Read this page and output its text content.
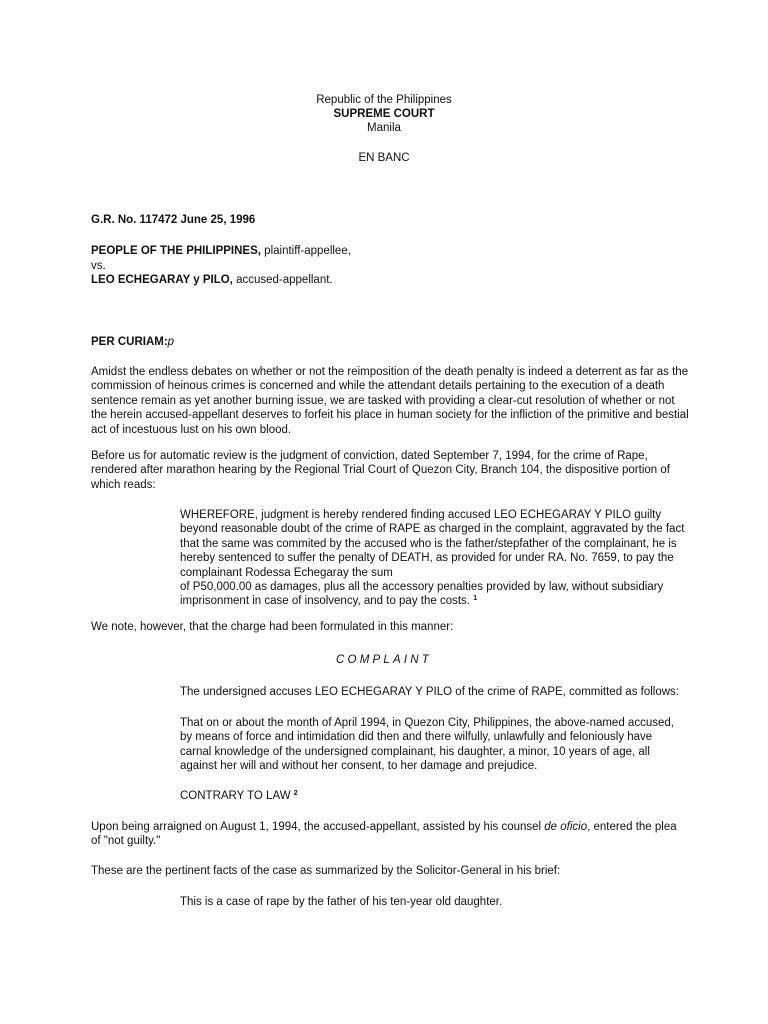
Republic of the Philippines
SUPREME COURT
Manila
EN BANC
G.R. No. 117472 June 25, 1996
PEOPLE OF THE PHILIPPINES, plaintiff-appellee,
vs.
LEO ECHEGARAY y PILO, accused-appellant.
PER CURIAM:p
Amidst the endless debates on whether or not the reimposition of the death penalty is indeed a deterrent as far as the
commission of heinous crimes is concerned and while the attendant details pertaining to the execution of a death
sentence remain as yet another burning issue, we are tasked with providing a clear-cut resolution of whether or not
the herein accused-appellant deserves to forfeit his place in human society for the infliction of the primitive and bestial
act of incestuous lust on his own blood.
Before us for automatic review is the judgment of conviction, dated September 7, 1994, for the crime of Rape,
rendered after marathon hearing by the Regional Trial Court of Quezon City, Branch 104, the dispositive portion of
which reads:
WHEREFORE, judgment is hereby rendered finding accused LEO ECHEGARAY Y PILO guilty
beyond reasonable doubt of the crime of RAPE as charged in the complaint, aggravated by the fact
that the same was commited by the accused who is the father/stepfather of the complainant, he is
hereby sentenced to suffer the penalty of DEATH, as provided for under RA. No. 7659, to pay the
complainant Rodessa Echegaray the sum
of P50,000.00 as damages, plus all the accessory penalties provided by law, without subsidiary
imprisonment in case of insolvency, and to pay the costs. $^1$
We note, however, that the charge had been formulated in this manner:
COMPLAINT
The undersigned accuses LEO ECHEGARAY Y PILO of the crime of RAPE, committed as follows:
That on or about the month of April 1994, in Quezon City, Philippines, the above-named accused,
by means of force and intimidation did then and there wilfully, unlawfully and feloniously have
carnal knowledge of the undersigned complainant, his daughter, a minor, 10 years of age, all
against her will and without her consent, to her damage and prejudice.
CONTRARY TO LAW $^2$
Upon being arraigned on August 1, 1994, the accused-appellant, assisted by his counsel de oficio, entered the plea
of "not guilty."
These are the pertinent facts of the case as summarized by the Solicitor-General in his brief:
This is a case of rape by the father of his ten-year old daughter.
